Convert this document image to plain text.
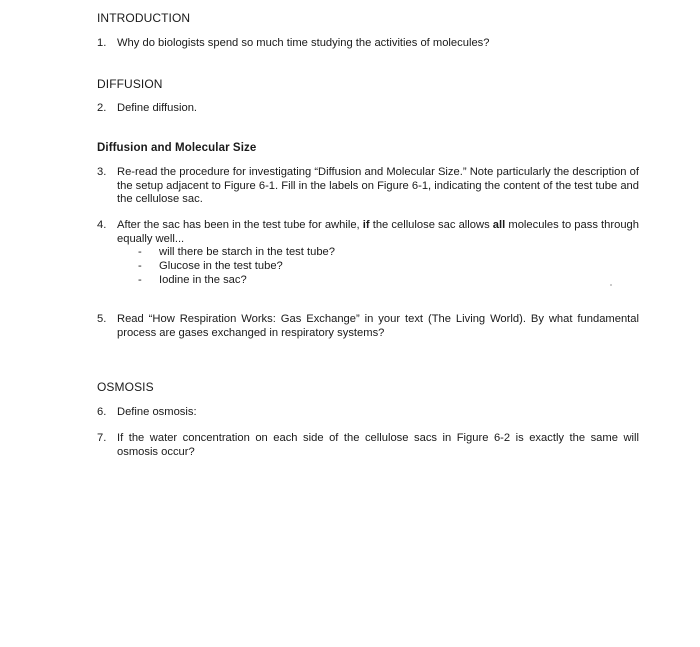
INTRODUCTION
1. Why do biologists spend so much time studying the activities of molecules?
DIFFUSION
2. Define diffusion.
Diffusion and Molecular Size
3. Re-read the procedure for investigating “Diffusion and Molecular Size.” Note particularly the description of the setup adjacent to Figure 6-1. Fill in the labels on Figure 6-1, indicating the content of the test tube and the cellulose sac.
4. After the sac has been in the test tube for awhile, if the cellulose sac allows all molecules to pass through equally well...
- will there be starch in the test tube?
- Glucose in the test tube?
- Iodine in the sac?
5. Read “How Respiration Works: Gas Exchange” in your text (The Living World). By what fundamental process are gases exchanged in respiratory systems?
OSMOSIS
6. Define osmosis:
7. If the water concentration on each side of the cellulose sacs in Figure 6-2 is exactly the same will osmosis occur?
